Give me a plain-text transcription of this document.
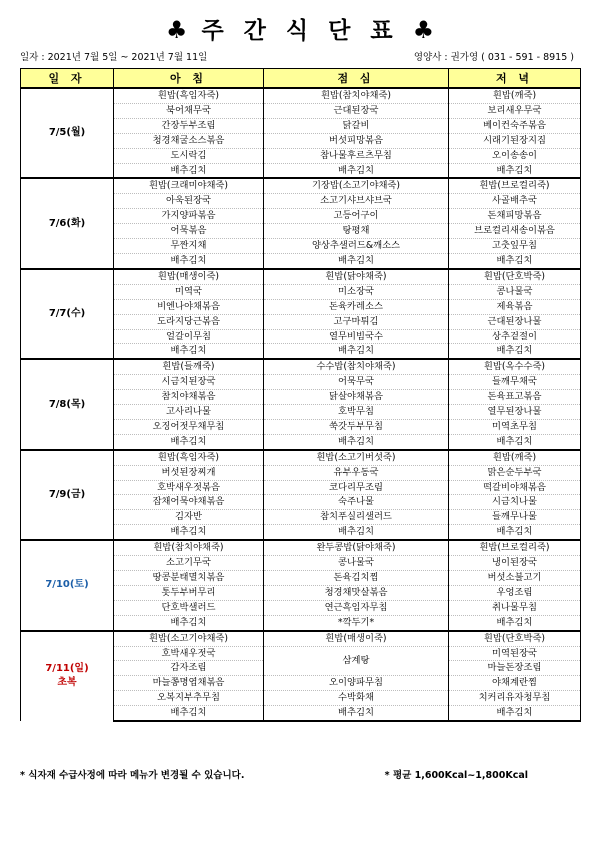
♣ 주 간 식 단 표 ♣
일자 : 2021년 7월 5일 ~ 2021년 7월 11일	영양사 : 권가영 ( 031 - 591 - 8915 )
일 자	아 침	점 심	저 녁
7/5(월)	흰밥(흑임자죽)	흰밥(참치야채죽)	흰밥(깨죽)
	북어채무국	근대된장국	보리새우무국
	간장두부조림	닭갈비	베이컨숙주볶음
	청경채굴소스볶음	버섯피망볶음	시래기된장지짐
	도시락김	참나물후르츠무침	오이송송이
	배추김치	배추김치	배추김치
7/6(화)	흰밥(크래미야채죽)	기장밥(소고기야채죽)	흰밥(브로컬리죽)
	아욱된장국	소고기샤브샤브국	사골배추국
	가지양파볶음	고등어구이	돈채피망볶음
	어묵볶음	탕평채	브로컬리새송이볶음
	무짠지채	양상추샐러드&깨소스	고춧잎무침
	배추김치	배추김치	배추김치
7/7(수)	흰밥(매생이죽)	흰밥(닭야채죽)	흰밥(단호박죽)
	미역국	미소장국	콩나물국
	비엔나야채볶음	돈육카레소스	제육볶음
	도라지당근볶음	고구마튀김	근대된장나물
	얼갈이무침	열무비빔국수	상추겉절이
	배추김치	배추김치	배추김치
7/8(목)	흰밥(들깨죽)	수수밥(참치야채죽)	흰밥(옥수수죽)
	시금치된장국	어묵무국	들깨무채국
	참치야채볶음	닭살야채볶음	돈육표고볶음
	고사리나물	호박무침	열무된장나물
	오징어젓무채무침	쑥갓두부무침	미역초무침
	배추김치	배추김치	배추김치
7/9(금)	흰밥(흑임자죽)	흰밥(소고기버섯죽)	흰밥(깨죽)
	버섯된장찌개	유부우동국	맑은순두부국
	호박새우젓볶음	코다리무조림	떡갈비야채볶음
	잡채어묵야채볶음	숙주나물	시금치나물
	김자반	참치푸실리샐러드	들깨무나물
	배추김치	배추김치	배추김치
7/10(토)	흰밥(참치야채죽)	완두콩밥(닭야채죽)	흰밥(브로컬리죽)
	소고기무국	콩나물국	냉이된장국
	땅콩분태멸치볶음	돈육김치찜	버섯소불고기
	톳두부버무리	청경채맛살볶음	우엉조림
	단호박샐러드	연근흑임자무침	취나물무침
	배추김치	*깍두기*	배추김치
7/11(일)
초복	흰밥(소고기야채죽)	흰밥(매생이죽)	흰밥(단호박죽)
	호박새우젓국	삼계탕	미역된장국
	감자조림		마늘돈장조림
	마늘쫑명엽채볶음	오이양파무침	야채계란찜
	오복지부추무침	수박화채	치커리유자청무침
	배추김치	배추김치	배추김치
* 식자재 수급사정에 따라 메뉴가 변경될 수 있습니다.	* 평균 1,600Kcal~1,800Kcal
